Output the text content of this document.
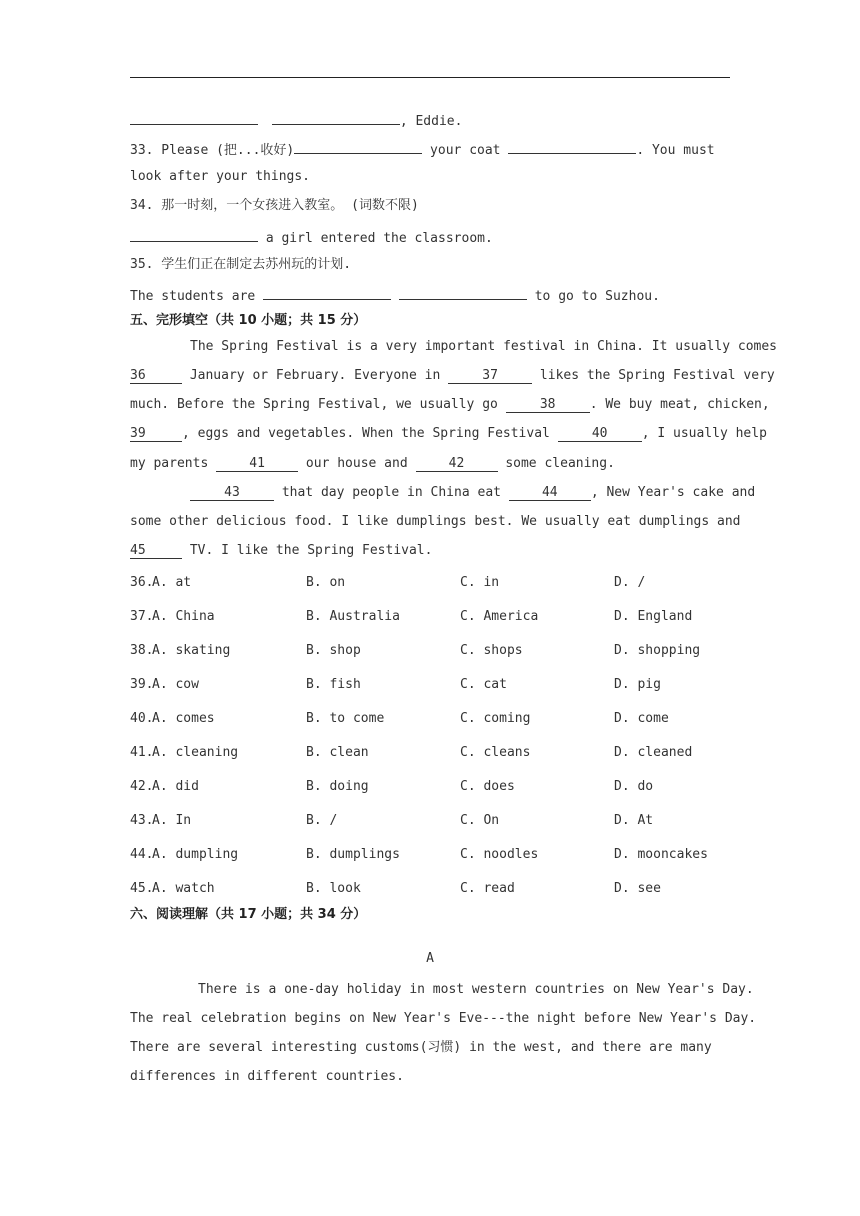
, Eddie.
33. Please (把...收好)	your coat	. You must
look after your things.
34. 那一时刻，一个女孩进入教室。 (词数不限)
a girl entered the classroom.
35. 学生们正在制定去苏州玩的计划.
The students are	to go to Suzhou.
五、完形填空（共 10 小题；共 15 分）
The Spring Festival is a very important festival in China. It usually comes
36	January or February. Everyone in	37	likes the Spring Festival very
much. Before the Spring Festival, we usually go	38	. We buy meat, chicken,
39	, eggs and vegetables. When the Spring Festival	40	, I usually help
my parents	41	our house and	42	some cleaning.
43	that day people in China eat	44	, New Year's cake and
some other delicious food. I like dumplings best. We usually eat dumplings and
45	TV. I like the Spring Festival.
36.
A. at	B. on	C. in	D. /
37.
A. China	B. Australia	C. America	D. England
38.
A. skating	B. shop	C. shops	D. shopping
39.
A. cow	B. fish	C. cat	D. pig
40.
A. comes	B. to come	C. coming	D. come
41.
A. cleaning	B. clean	C. cleans	D. cleaned
42.
A. did	B. doing	C. does	D. do
43.
A. In	B. /	C. On	D. At
44.
A. dumpling	B. dumplings	C. noodles	D. mooncakes
45.
A. watch	B. look	C. read	D. see
六、阅读理解（共 17 小题；共 34 分）
A
There is a one-day holiday in most western countries on New Year's Day.
The real celebration begins on New Year's Eve---the night before New Year's Day.
There are several interesting customs(习惯) in the west, and there are many
differences in different countries.
